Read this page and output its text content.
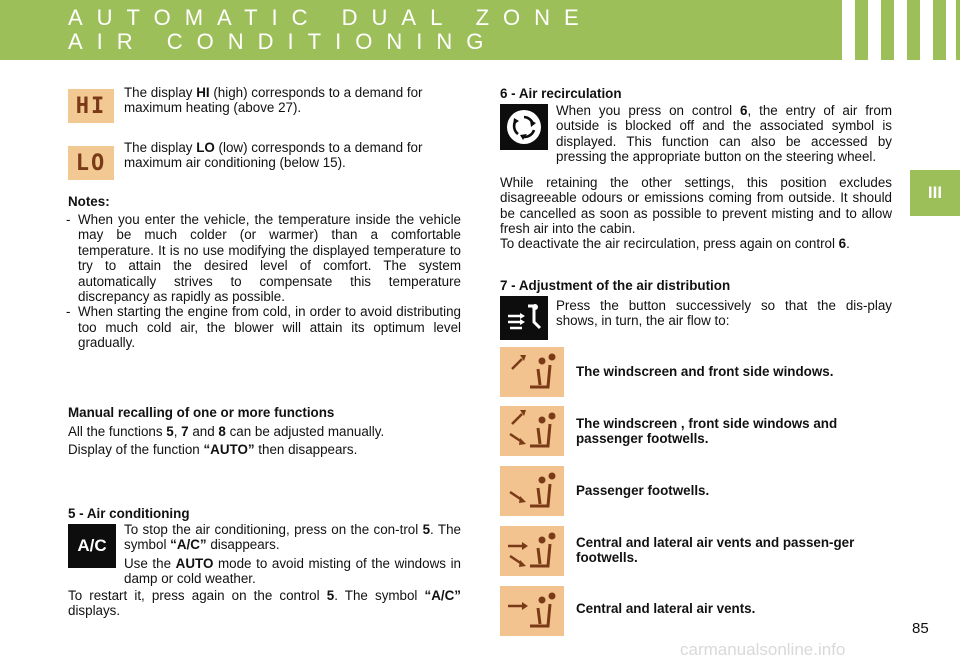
AUTOMATIC DUAL ZONE
AIR CONDITIONING
III
HI
The display HI (high) corresponds to a demand for maximum heating (above 27).
LO
The display LO (low) corresponds to a demand for maximum air conditioning (below 15).
Notes:
- When you enter the vehicle, the temperature inside the vehicle may be much colder (or warmer) than a comfortable temperature. It is no use modifying the displayed temperature to try to attain the desired level of comfort. The system automatically strives to compensate this temperature discrepancy as rapidly as possible.
- When starting the engine from cold, in order to avoid distributing too much cold air, the blower will attain its optimum level gradually.
Manual recalling of one or more functions
All the functions 5, 7 and 8 can be adjusted manually.
Display of the function “AUTO” then disappears.
5 - Air conditioning
A/C
To stop the air conditioning, press on the con-trol 5. The symbol “A/C” disappears.
Use the AUTO mode to avoid misting of the windows in damp or cold weather.
To restart it, press again on the control 5. The symbol “A/C” displays.
6 - Air recirculation
When you press on control 6, the entry of air from outside is blocked off and the associated symbol is displayed. This function can also be accessed by pressing the appropriate button on the steering wheel.
While retaining the other settings, this position excludes disagreeable odours or emissions coming from outside. It should be cancelled as soon as possible to prevent misting and to allow fresh air into the cabin.
To deactivate the air recirculation, press again on control 6.
7 - Adjustment of the air distribution
Press the button successively so that the dis-play shows, in turn, the air flow to:
The windscreen and front side windows.
The windscreen , front side windows and passenger footwells.
Passenger footwells.
Central and lateral air vents and passen-ger footwells.
Central and lateral air vents.
85
carmanualsonline.info
